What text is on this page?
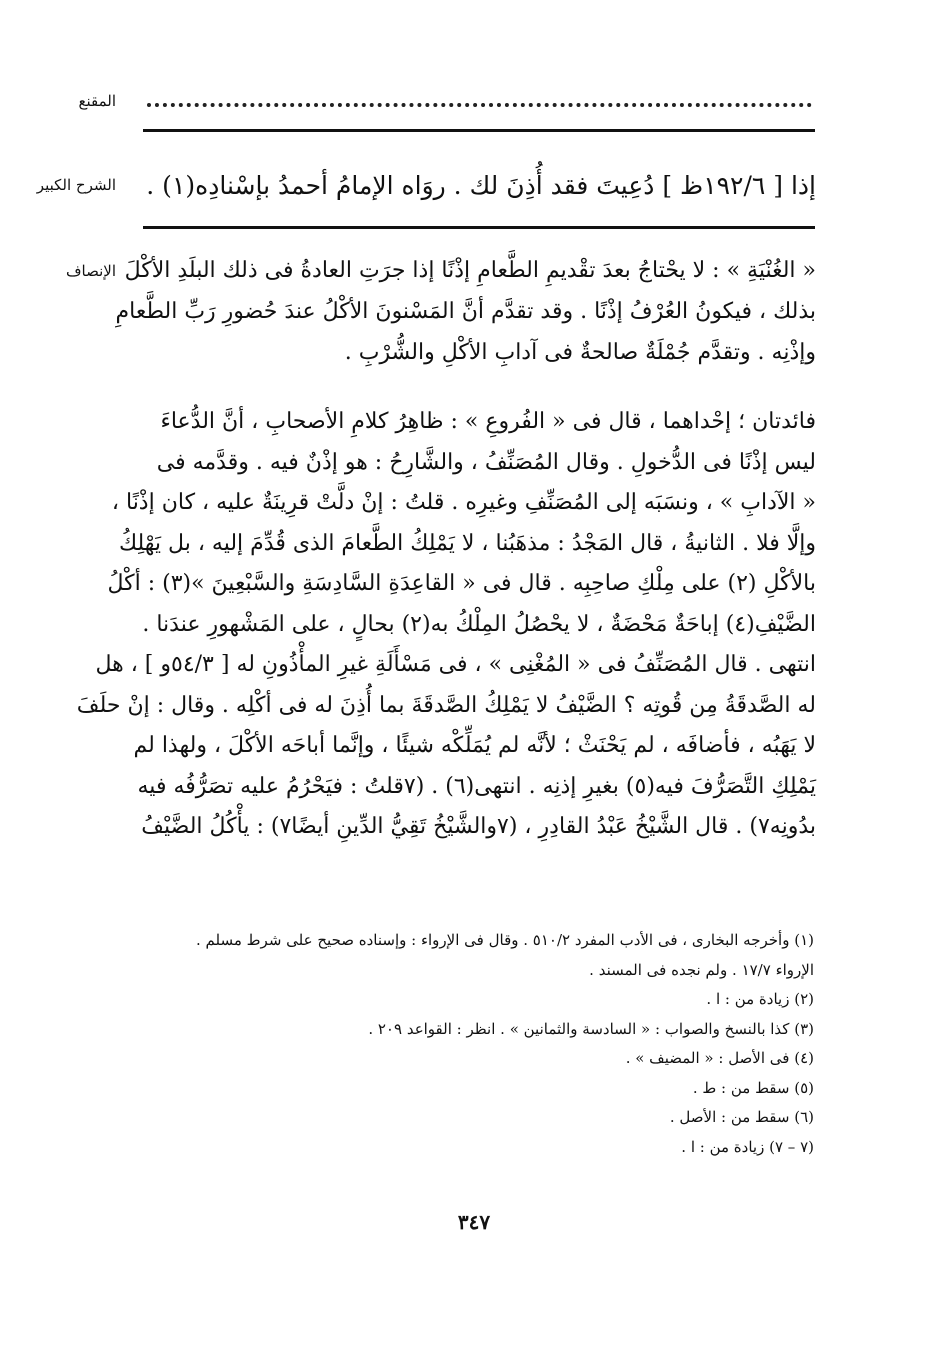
المقنع
الشرح الكبير إذا [ ١٩٢/٦ظ ] دُعِيتَ فقد أُذِنَ لك . روَاه الإمامُ أحمدُ بإسْنادِه(١) .
الإنصاف « الغُنْيَةِ » : لا يحْتاجُ بعدَ تقْديمِ الطَّعامِ إذْنًا إذا جرَتِ العادةُ فى ذلك البلَدِ الأكْلَ
بذلك ، فيكونُ العُرْفُ إذْنًا . وقد تقدَّم أنَّ المَسْنونَ الأكْلُ عندَ حُضورِ رَبِّ الطَّعامِ
وإذْنِه . وتقدَّم جُمْلَةٌ صالحةٌ فى آدابِ الأكْلِ والشُّرْبِ .
فائدتان ؛ إحْداهما ، قال فى « الفُروعِ » : ظاهِرُ كلامِ الأصحابِ ، أنَّ الدُّعاءَ
ليس إذْنًا فى الدُّخولِ . وقال المُصَنِّفُ ، والشَّارِحُ : هو إذْنٌ فيه . وقدَّمه فى
« الآدابِ » ، ونسَبَه إلى المُصَنِّفِ وغيرِه . قلتُ : إنْ دلَّتْ قرِينَةٌ عليه ، كان إذْنًا ،
وإلَّا فلا . الثانيةُ ، قال المَجْدُ : مذهَبُنا ، لا يَمْلِكُ الطَّعامَ الذى قُدِّمَ إليه ، بل يَهْلِكُ
بالأكْلِ (٢) على مِلْكِ صاحِبِه . قال فى « القاعِدَةِ السَّادِسَةِ والسَّبْعِينَ »(٣) : أكْلُ
الضَّيْفِ(٤) إباحَةٌ مَحْضَةٌ ، لا يحْصُلُ المِلْكُ به(٢) بحالٍ ، على المَشْهورِ عندَنا .
انتهى . قال المُصَنِّفُ فى « المُغْنِى » ، فى مَسْأَلَةِ غيرِ المأْذُونِ له [ ٥٤/٣و ] ، هل
له الصَّدقَةُ مِن قُوتِه ؟ الضَّيْفُ لا يَمْلِكُ الصَّدقَةَ بما أُذِنَ له فى أكْلِه . وقال : إنْ حلَفَ
لا يَهَبُه ، فأضافَه ، لم يَحْنَثْ ؛ لأنَّه لم يُمَلِّكْه شيئًا ، وإنَّما أباحَه الأكْلَ ، ولهذا لم
يَمْلِكِ التَّصَرُّفَ فيه(٥) بغيرِ إذنِه . انتهى(٦) . (٧قلتُ : فيَحْرُمُ عليه تصَرُّفُه فيه
بدُونِه٧) . قال الشَّيْخُ عَبْدُ القادِرِ ، (٧والشَّيْخُ تَقِيُّ الدِّينِ أيضًا٧) : يأْكُلُ الضَّيْفُ
(١) وأخرجه البخارى ، فى الأدب المفرد ٥١٠/٢ . وقال فى الإرواء : وإسناده صحيح على شرط مسلم .
الإرواء ١٧/٧ . ولم نجده فى المسند .
(٢) زيادة من : ا .
(٣) كذا بالنسخ والصواب : « السادسة والثمانين » . انظر : القواعد ٢٠٩ .
(٤) فى الأصل : « المضيف » .
(٥) سقط من : ط .
(٦) سقط من : الأصل .
(٧ – ٧) زيادة من : ا .
٣٤٧
